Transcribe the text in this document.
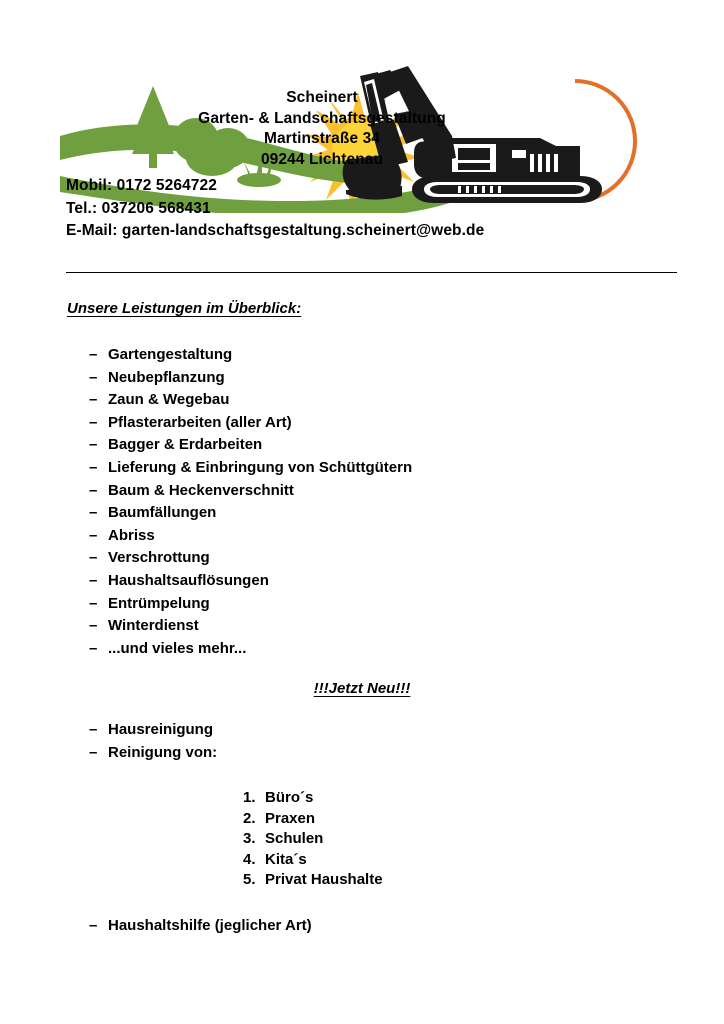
Scheinert
Garten- & Landschaftsgestaltung
Martinstraße 34
09244 Lichtenau
Mobil: 0172 5264722
Tel.: 037206 568431
E-Mail: garten-landschaftsgestaltung.scheinert@web.de
Unsere Leistungen im Überblick:
– Gartengestaltung
– Neubepflanzung
– Zaun & Wegebau
– Pflasterarbeiten (aller Art)
– Bagger & Erdarbeiten
– Lieferung & Einbringung von Schüttgütern
– Baum & Heckenverschnitt
– Baumfällungen
– Abriss
– Verschrottung
– Haushaltsauflösungen
– Entrümpelung
– Winterdienst
– ...und vieles mehr...
!!!Jetzt Neu!!!
– Hausreinigung
– Reinigung von:
1. Büro´s
2. Praxen
3. Schulen
4. Kita´s
5. Privat Haushalte
– Haushaltshilfe (jeglicher Art)
